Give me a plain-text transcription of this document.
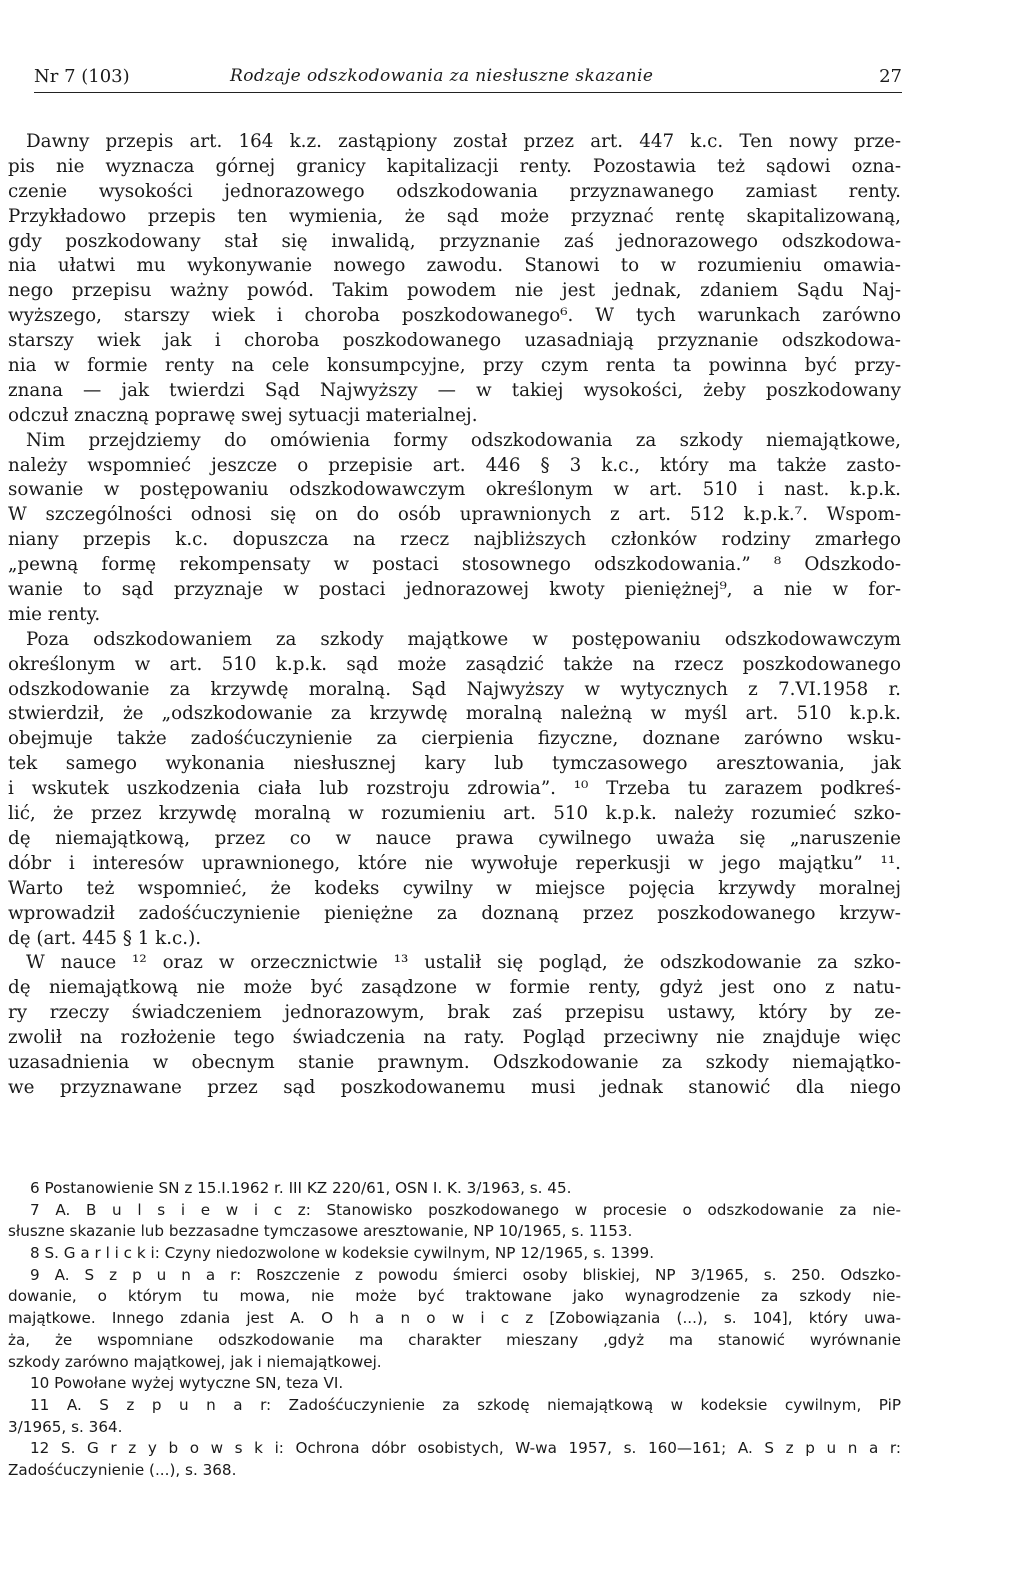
Nr 7 (103)	Rodzaje odszkodowania za niesłuszne skazanie	27
Dawny przepis art. 164 k.z. zastąpiony został przez art. 447 k.c. Ten nowy prze-
pis nie wyznacza górnej granicy kapitalizacji renty. Pozostawia też sądowi ozna-
czenie wysokości jednorazowego odszkodowania przyznawanego zamiast renty.
Przykładowo przepis ten wymienia, że sąd może przyznać rentę skapitalizowaną,
gdy poszkodowany stał się inwalidą, przyznanie zaś jednorazowego odszkodowa-
nia ułatwi mu wykonywanie nowego zawodu. Stanowi to w rozumieniu omawia-
nego przepisu ważny powód. Takim powodem nie jest jednak, zdaniem Sądu Naj-
wyższego, starszy wiek i choroba poszkodowanego⁶. W tych warunkach zarówno
starszy wiek jak i choroba poszkodowanego uzasadniają przyznanie odszkodowa-
nia w formie renty na cele konsumpcyjne, przy czym renta ta powinna być przy-
znana — jak twierdzi Sąd Najwyższy — w takiej wysokości, żeby poszkodowany
odczuł znaczną poprawę swej sytuacji materialnej.
Nim przejdziemy do omówienia formy odszkodowania za szkody niemajątkowe,
należy wspomnieć jeszcze o przepisie art. 446 § 3 k.c., który ma także zasto-
sowanie w postępowaniu odszkodowawczym określonym w art. 510 i nast. k.p.k.
W szczególności odnosi się on do osób uprawnionych z art. 512 k.p.k.⁷. Wspom-
niany przepis k.c. dopuszcza na rzecz najbliższych członków rodziny zmarłego
„pewną formę rekompensaty w postaci stosownego odszkodowania.” ⁸ Odszkodo-
wanie to sąd przyznaje w postaci jednorazowej kwoty pieniężnej⁹, a nie w for-
mie renty.
Poza odszkodowaniem za szkody majątkowe w postępowaniu odszkodowawczym
określonym w art. 510 k.p.k. sąd może zasądzić także na rzecz poszkodowanego
odszkodowanie za krzywdę moralną. Sąd Najwyższy w wytycznych z 7.VI.1958 r.
stwierdził, że „odszkodowanie za krzywdę moralną należną w myśl art. 510 k.p.k.
obejmuje także zadośćuczynienie za cierpienia fizyczne, doznane zarówno wsku-
tek samego wykonania niesłusznej kary lub tymczasowego aresztowania, jak
i wskutek uszkodzenia ciała lub rozstroju zdrowia”. ¹⁰ Trzeba tu zarazem podkreś-
lić, że przez krzywdę moralną w rozumieniu art. 510 k.p.k. należy rozumieć szko-
dę niemajątkową, przez co w nauce prawa cywilnego uważa się „naruszenie
dóbr i interesów uprawnionego, które nie wywołuje reperkusji w jego majątku” ¹¹.
Warto też wspomnieć, że kodeks cywilny w miejsce pojęcia krzywdy moralnej
wprowadził zadośćuczynienie pieniężne za doznaną przez poszkodowanego krzyw-
dę (art. 445 § 1 k.c.).
W nauce ¹² oraz w orzecznictwie ¹³ ustalił się pogląd, że odszkodowanie za szko-
dę niemajątkową nie może być zasądzone w formie renty, gdyż jest ono z natu-
ry rzeczy świadczeniem jednorazowym, brak zaś przepisu ustawy, który by ze-
zwolił na rozłożenie tego świadczenia na raty. Pogląd przeciwny nie znajduje więc
uzasadnienia w obecnym stanie prawnym. Odszkodowanie za szkody niemajątko-
we przyznawane przez sąd poszkodowanemu musi jednak stanowić dla niego
6 Postanowienie SN z 15.I.1962 r. III KZ 220/61, OSN I. K. 3/1963, s. 45.
7 A. B u l s i e w i c z: Stanowisko poszkodowanego w procesie o odszkodowanie za nie-
słuszne skazanie lub bezzasadne tymczasowe aresztowanie, NP 10/1965, s. 1153.
8 S. G a r l i c k i: Czyny niedozwolone w kodeksie cywilnym, NP 12/1965, s. 1399.
9 A. S z p u n a r: Roszczenie z powodu śmierci osoby bliskiej, NP 3/1965, s. 250. Odszko-
dowanie, o którym tu mowa, nie może być traktowane jako wynagrodzenie za szkody nie-
majątkowe. Innego zdania jest A. O h a n o w i c z [Zobowiązania (...), s. 104], który uwa-
ża, że wspomniane odszkodowanie ma charakter mieszany ,gdyż ma stanowić wyrównanie
szkody zarówno majątkowej, jak i niemajątkowej.
10 Powołane wyżej wytyczne SN, teza VI.
11 A. S z p u n a r: Zadośćuczynienie za szkodę niemajątkową w kodeksie cywilnym, PiP
3/1965, s. 364.
12 S. G r z y b o w s k i: Ochrona dóbr osobistych, W-wa 1957, s. 160—161; A. S z p u n a r:
Zadośćuczynienie (...), s. 368.
